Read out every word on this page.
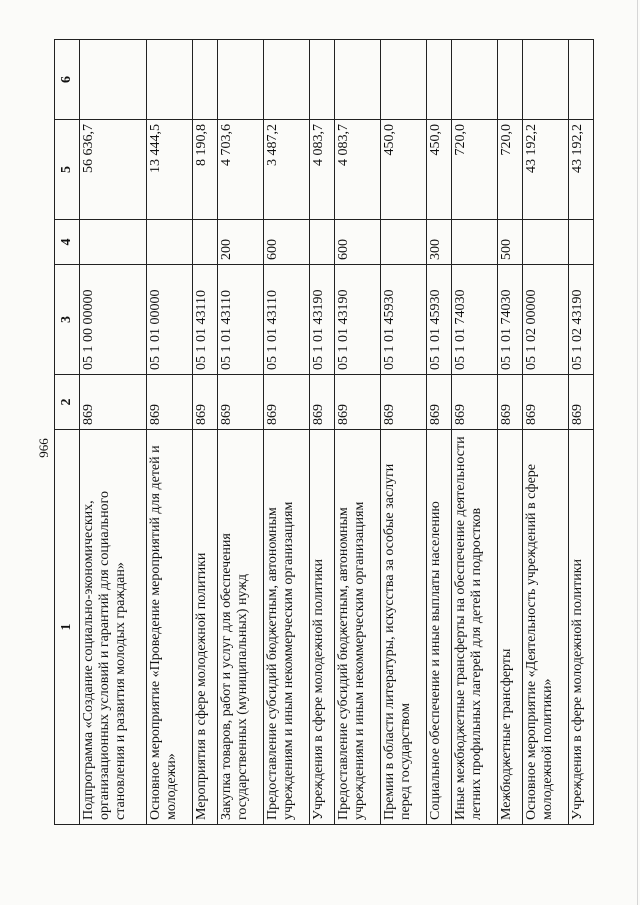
966
1	2	3	4	5	6
Подпрограмма «Создание социально-экономических, организационных условий и гарантий для социального становления и развития молодых граждан»	869	05 1 00 00000		56 636,7	
Основное мероприятие «Проведение мероприятий для детей и молодежи»	869	05 1 01 00000		13 444,5	
Мероприятия в сфере молодежной политики	869	05 1 01 43110		8 190,8	
Закупка товаров, работ и услуг для обеспечения государственных (муниципальных) нужд	869	05 1 01 43110	200	4 703,6	
Предоставление субсидий бюджетным, автономным учреждениям и иным некоммерческим организациям	869	05 1 01 43110	600	3 487,2	
Учреждения в сфере молодежной политики	869	05 1 01 43190		4 083,7	
Предоставление субсидий бюджетным, автономным учреждениям и иным некоммерческим организациям	869	05 1 01 43190	600	4 083,7	
Премии в области литературы, искусства за особые заслуги перед государством	869	05 1 01 45930		450,0	
Социальное обеспечение и иные выплаты населению	869	05 1 01 45930	300	450,0	
Иные межбюджетные трансферты на обеспечение деятельности летних профильных лагерей для детей и подростков	869	05 1 01 74030		720,0	
Межбюджетные трансферты	869	05 1 01 74030	500	720,0	
Основное мероприятие «Деятельность учреждений в сфере молодежной политики»	869	05 1 02 00000		43 192,2	
Учреждения в сфере молодежной политики	869	05 1 02 43190		43 192,2	
